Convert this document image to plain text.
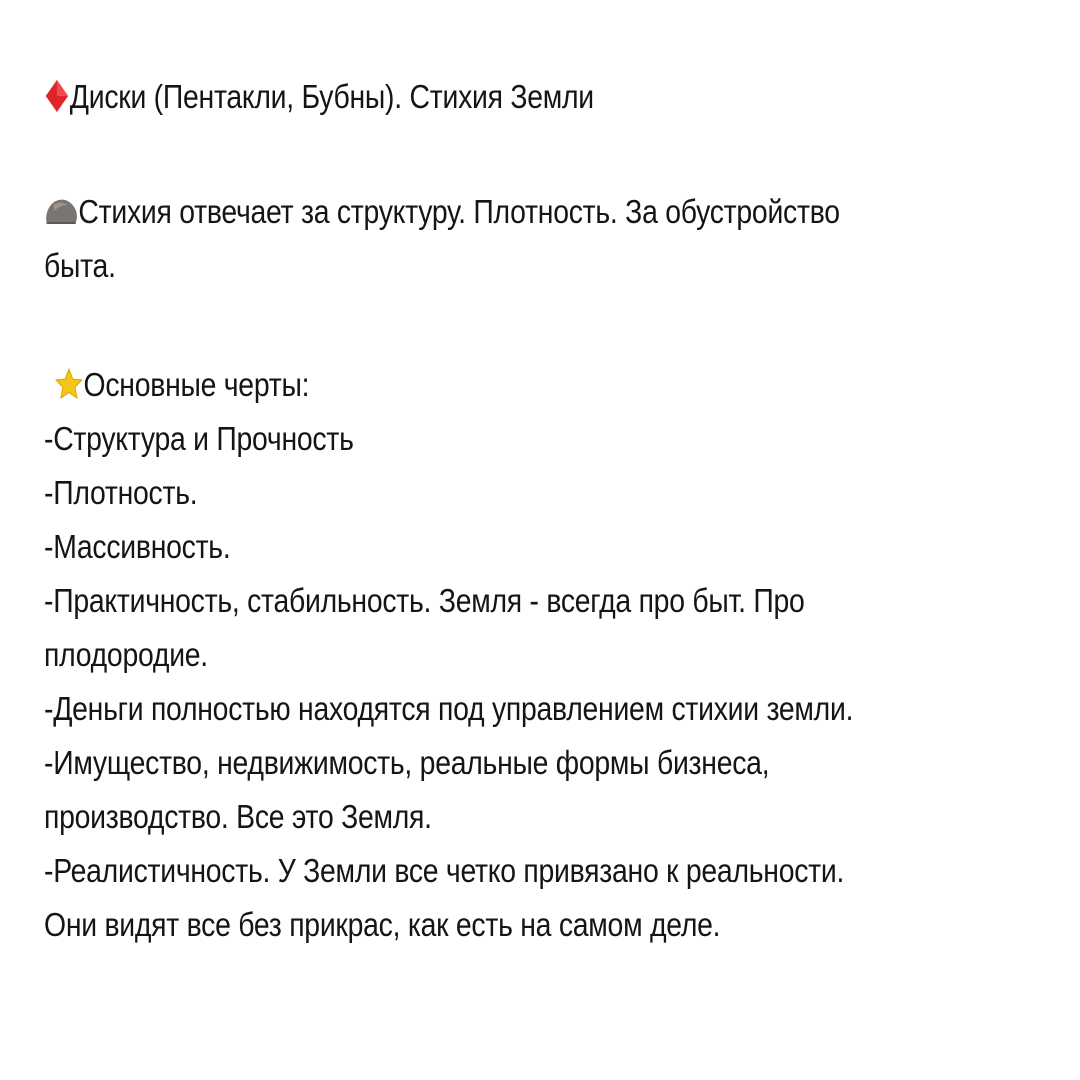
Диски (Пентакли, Бубны). Стихия Земли
Стихия отвечает за структуру. Плотность. За обустройство
быта.
Основные черты:
-Структура и Прочность
-Плотность.
-Массивность.
-Практичность, стабильность. Земля - всегда про быт. Про
плодородие.
-Деньги полностью находятся под управлением стихии земли.
-Имущество, недвижимость, реальные формы бизнеса,
производство. Все это Земля.
-Реалистичность. У Земли все четко привязано к реальности.
Они видят все без прикрас, как есть на самом деле.
